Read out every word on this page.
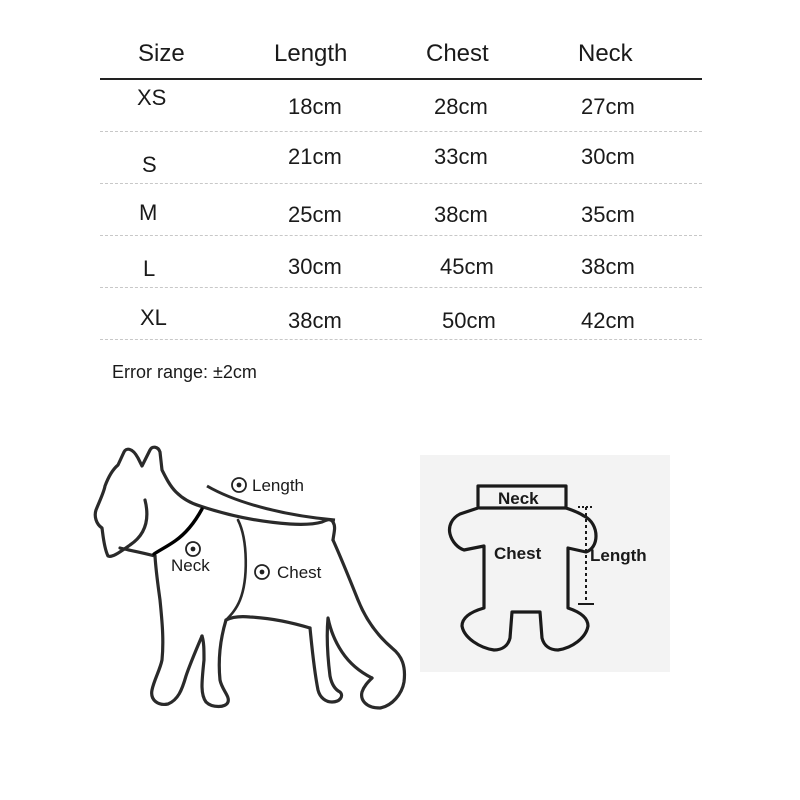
Size	Length	Chest	Neck
XS	18cm	28cm	27cm
S	21cm	33cm	30cm
M	25cm	38cm	35cm
L	30cm	45cm	38cm
XL	38cm	50cm	42cm
Error range: ±2cm
Length
Neck	Chest
Neck
Chest	Length
